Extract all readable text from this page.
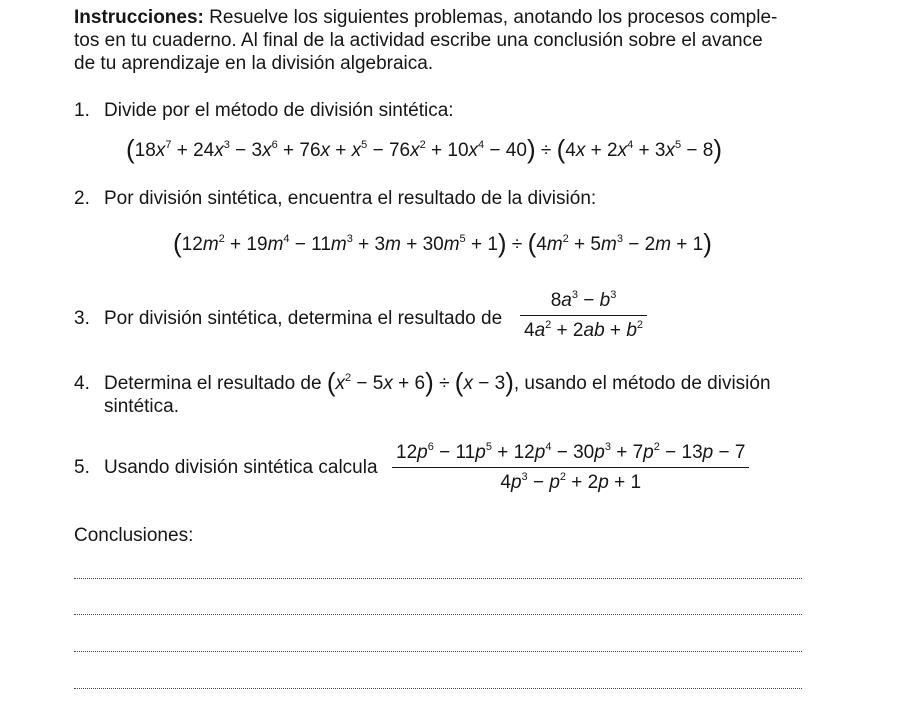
Instrucciones: Resuelve los siguientes problemas, anotando los procesos comple-
tos en tu cuaderno. Al final de la actividad escribe una conclusión sobre el avance
de tu aprendizaje en la división algebraica.
1. Divide por el método de división sintética:
$(18x^7 + 24x^3 - 3x^6 + 76x + x^5 - 76x^2 + 10x^4 - 40) \div (4x + 2x^4 + 3x^5 - 8)$
2. Por división sintética, encuentra el resultado de la división:
$(12m^2 + 19m^4 - 11m^3 + 3m + 30m^5 + 1) \div (4m^2 + 5m^3 - 2m + 1)$
3. Por división sintética, determina el resultado de
$8a^3 - b^3$
$4a^2 + 2ab + b^2$
4. Determina el resultado de $(x^2 - 5x + 6) \div (x - 3)$, usando el método de división
sintética.
5. Usando división sintética calcula
$12p^6 - 11p^5 + 12p^4 - 30p^3 + 7p^2 - 13p - 7$
$4p^3 - p^2 + 2p + 1$
Conclusiones:
